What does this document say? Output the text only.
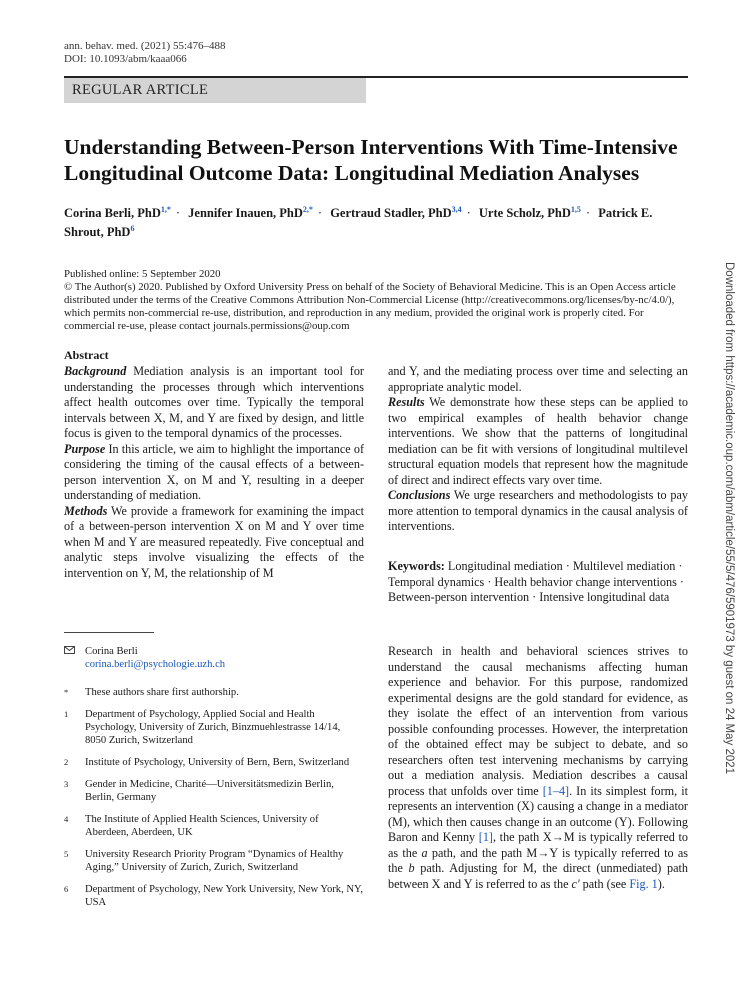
ann. behav. med. (2021) 55:476–488
DOI: 10.1093/abm/kaaa066
REGULAR ARTICLE
Understanding Between-Person Interventions With Time-Intensive Longitudinal Outcome Data: Longitudinal Mediation Analyses
Corina Berli, PhD$^{1,*}$ · Jennifer Inauen, PhD$^{2,*}$ · Gertraud Stadler, PhD$^{3,4}$ · Urte Scholz, PhD$^{1,5}$ · Patrick E. Shrout, PhD$^6$
Published online: 5 September 2020
© The Author(s) 2020. Published by Oxford University Press on behalf of the Society of Behavioral Medicine. This is an Open Access article distributed under the terms of the Creative Commons Attribution Non-Commercial License (http://creativecommons.org/licenses/by-nc/4.0/), which permits non-commercial re-use, distribution, and reproduction in any medium, provided the original work is properly cited. For commercial re-use, please contact journals.permissions@oup.com
Abstract

Background Mediation analysis is an important tool for understanding the processes through which interventions affect health outcomes over time. Typically the temporal intervals between X, M, and Y are fixed by design, and little focus is given to the temporal dynamics of the processes.

Purpose In this article, we aim to highlight the importance of considering the timing of the causal effects of a between-person intervention X, on M and Y, resulting in a deeper understanding of mediation.

Methods We provide a framework for examining the impact of a between-person intervention X on M and Y over time when M and Y are measured repeatedly. Five conceptual and analytic steps involve visualizing the effects of the intervention on Y, M, the relationship of M

and Y, and the mediating process over time and selecting an appropriate analytic model.

Results We demonstrate how these steps can be applied to two empirical examples of health behavior change interventions. We show that the patterns of longitudinal mediation can be fit with versions of longitudinal multilevel structural equation models that represent how the magnitude of direct and indirect effects vary over time.

Conclusions We urge researchers and methodologists to pay more attention to temporal dynamics in the causal analysis of interventions.

Keywords: Longitudinal mediation · Multilevel mediation · Temporal dynamics · Health behavior change interventions · Between-person intervention · Intensive longitudinal data
Corina Berli
corina.berli@psychologie.uzh.ch
* These authors share first authorship.
1 Department of Psychology, Applied Social and Health Psychology, University of Zurich, Binzmuehlestrasse 14/14, 8050 Zurich, Switzerland
2 Institute of Psychology, University of Bern, Bern, Switzerland
3 Gender in Medicine, Charité—Universitätsmedizin Berlin, Berlin, Germany
4 The Institute of Applied Health Sciences, University of Aberdeen, Aberdeen, UK
5 University Research Priority Program “Dynamics of Healthy Aging,” University of Zurich, Zurich, Switzerland
6 Department of Psychology, New York University, New York, NY, USA
Research in health and behavioral sciences strives to understand the causal mechanisms affecting human experience and behavior. For this purpose, randomized experimental designs are the gold standard for evidence, as they isolate the effect of an intervention from various possible confounding processes. However, the interpretation of the obtained effect may be subject to debate, and so researchers often test intervening mechanisms by carrying out a mediation analysis. Mediation describes a causal process that unfolds over time [1–4]. In its simplest form, it represents an intervention (X) causing a change in a mediator (M), which then causes change in an outcome (Y). Following Baron and Kenny [1], the path X→M is typically referred to as the a path, and the path M→Y is typically referred to as the b path. Adjusting for M, the direct (unmediated) path between X and Y is referred to as the c' path (see Fig. 1).
Downloaded from https://academic.oup.com/abm/article/55/5/476/5901973 by guest on 24 May 2021
